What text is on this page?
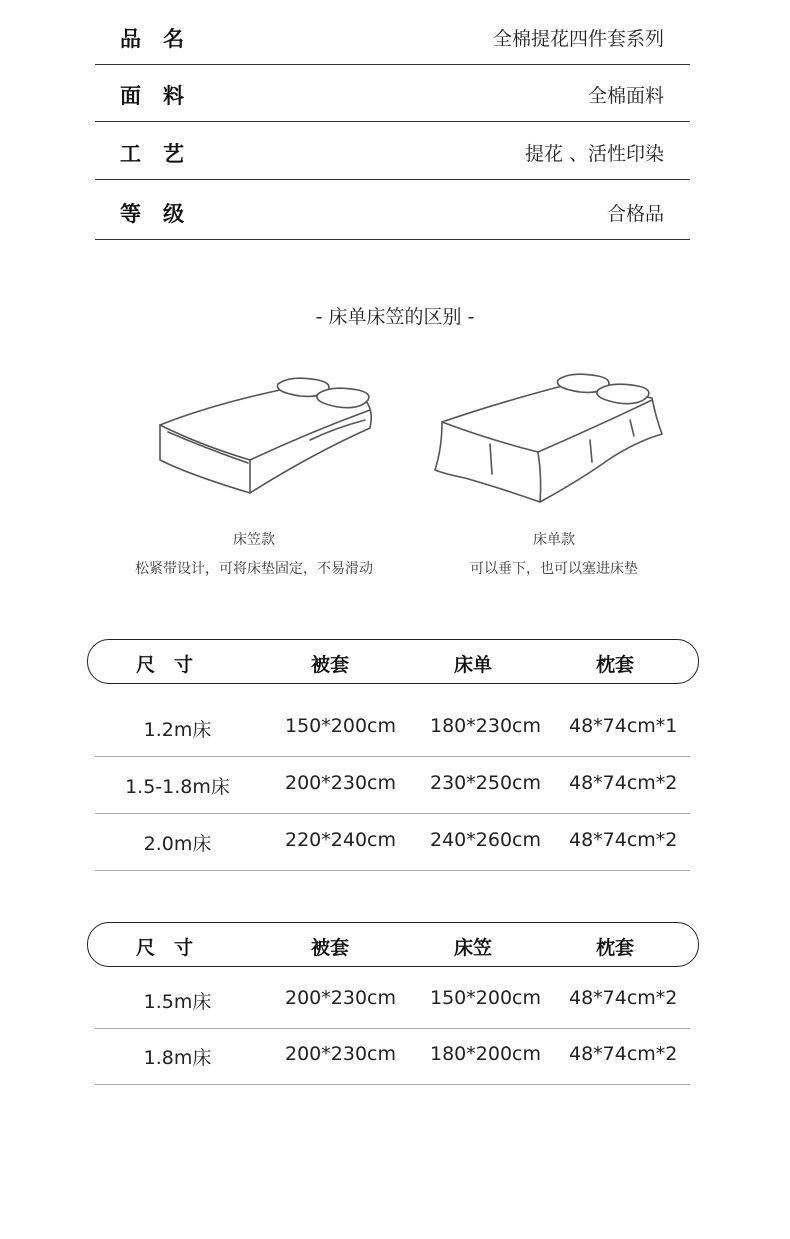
品名	全棉提花四件套系列
面料	全棉面料
工艺	提花 、活性印染
等级	合格品
- 床单床笠的区别 -
床笠款
松紧带设计，可将床垫固定，不易滑动
床单款
可以垂下，也可以塞进床垫
尺　寸	被套	床单	枕套
1.2m床	150*200cm 180*230cm 48*74cm*1
1.5-1.8m床	200*230cm 230*250cm 48*74cm*2
2.0m床	220*240cm 240*260cm 48*74cm*2
尺　寸	被套	床笠	枕套
1.5m床	200*230cm 150*200cm 48*74cm*2
1.8m床	200*230cm 180*200cm 48*74cm*2
